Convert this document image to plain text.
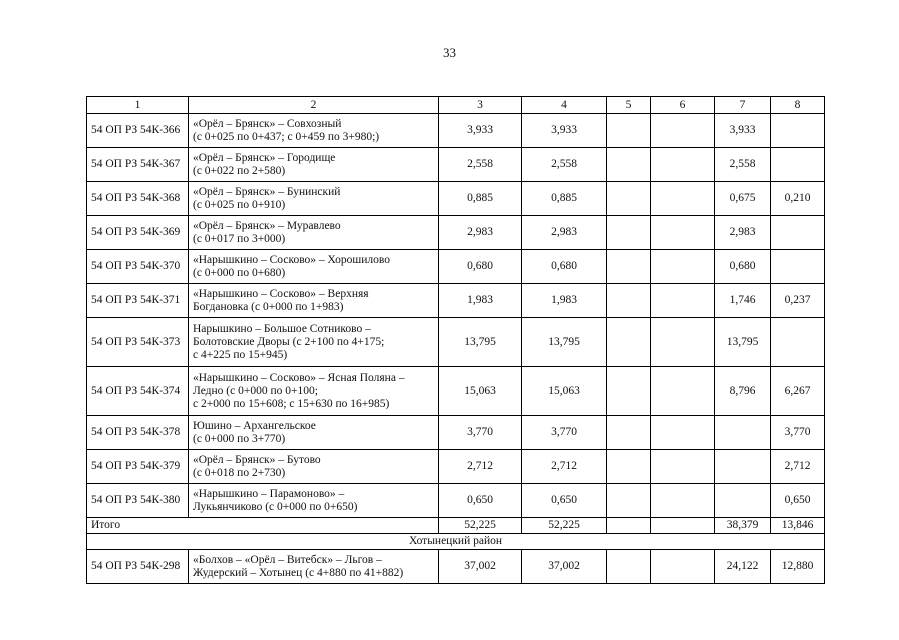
33
1	2	3	4	5	6	7	8
54 ОП РЗ 54К-366	«Орёл – Брянск» – Совхозный
(с 0+025 по 0+437; с 0+459 по 3+980;)	3,933	3,933			3,933	
54 ОП РЗ 54К-367	«Орёл – Брянск» – Городище
(с 0+022 по 2+580)	2,558	2,558			2,558	
54 ОП РЗ 54К-368	«Орёл – Брянск» – Бунинский
(с 0+025 по 0+910)	0,885	0,885			0,675	0,210
54 ОП РЗ 54К-369	«Орёл – Брянск» – Муравлево
(с 0+017 по 3+000)	2,983	2,983			2,983	
54 ОП РЗ 54К-370	«Нарышкино – Сосково» – Хорошилово
(с 0+000 по 0+680)	0,680	0,680			0,680	
54 ОП РЗ 54К-371	«Нарышкино – Сосково» – Верхняя
Богдановка (с 0+000 по 1+983)	1,983	1,983			1,746	0,237
54 ОП РЗ 54К-373	Нарышкино – Большое Сотниково –
Болотовские Дворы (с 2+100 по 4+175;
с 4+225 по 15+945)	13,795	13,795			13,795	
54 ОП РЗ 54К-374	«Нарышкино – Сосково» – Ясная Поляна –
Ледно (с 0+000 по 0+100;
с 2+000 по 15+608; с 15+630 по 16+985)	15,063	15,063			8,796	6,267
54 ОП РЗ 54К-378	Юшино – Архангельское
(с 0+000 по 3+770)	3,770	3,770				3,770
54 ОП РЗ 54К-379	«Орёл – Брянск» – Бутово
(с 0+018 по 2+730)	2,712	2,712				2,712
54 ОП РЗ 54К-380	«Нарышкино – Парамоново» –
Лукьянчиково (с 0+000 по 0+650)	0,650	0,650				0,650
Итого		52,225	52,225			38,379	13,846
Хотынецкий район							
54 ОП РЗ 54К-298	«Болхов – «Орёл – Витебск» – Льгов –
Жудерский – Хотынец (с 4+880 по 41+882)	37,002	37,002			24,122	12,880
